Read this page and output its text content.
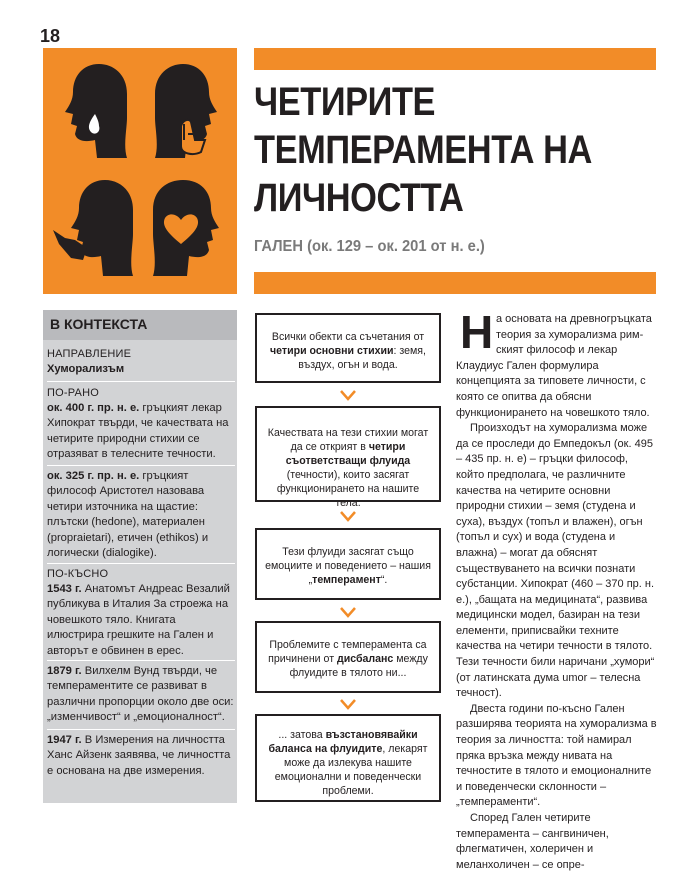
18
ЧЕТИРИТЕ
ТЕМПЕРАМЕНТА НА
ЛИЧНОСТТА
ГАЛЕН (ок. 129 – ок. 201 от н. е.)
В КОНТЕКСТА
НАПРАВЛЕНИЕ
Хуморализъм
ПО-РАНО
ок. 400 г. пр. н. е. гръцкият лекар Хипократ твърди, че качествата на четирите природни стихии се отразяват в телесните течности.
ок. 325 г. пр. н. е. гръцкият философ Аристотел назовава четири източника на щастие: плътски (hedone), материален (propraietari), етичен (ethikos) и логически (dialogike).
ПО-КЪСНО
1543 г. Анатомът Андреас Везалий публикува в Италия За строежа на човешкото тяло. Книгата илюстрира грешките на Гален и авторът е обвинен в ерес.
1879 г. Вилхелм Вунд твърди, че темпераментите се развиват в различни пропорции около две оси: „изменчивост“ и „емоционалност“.
1947 г. В Измерения на личността Ханс Айзенк заявява, че личността е основана на две измерения.
Всички обекти са съчетания от четири основни стихии: земя, въздух, огън и вода.
Качествата на тези стихии могат да се открият в четири съответстващи флуида (течности), които засягат функционирането на нашите тела.
Тези флуиди засягат също емоциите и поведението – нашия „темперамент“.
Проблемите с темперамента са причинени от дисбаланс между флуидите в тялото ни...
... затова възстановявайки баланса на флуидите, лекарят може да излекува нашите емоционални и поведенчески проблеми.
Н а основата на древногръцката

теория за хуморализма рим-

ският философ и лекар

Клаудиус Гален формулира концепцията за типовете личности, с която се опитва да обясни функционирането на човешкото тяло.

Произходът на хуморализма може да се проследи до Емпедокъл (ок. 495 – 435 пр. н. е) – гръцки философ, който предполага, че различните качества на четирите основни природни стихии – земя (студена и суха), въздух (топъл и влажен), огън (топъл и сух) и вода (студена и влажна) – могат да обяснят съществуването на всички познати субстанции. Хипократ (460 – 370 пр. н. е.), „бащата на медицината“, развива медицински модел, базиран на тези елементи, приписвайки техните качества на четири течности в тялото. Тези течности били наричани „хумори“ (от латинската дума umor – телесна течност).

Двеста години по-късно Гален разширява теорията на хуморализма в теория за личността: той намирал пряка връзка между нивата на течностите в тялото и емоционалните и поведенчески склонности – „темпераменти“.

Според Гален четирите темперамента – сангвиничен, флегматичен, холеричен и меланхоличен – се опре-
